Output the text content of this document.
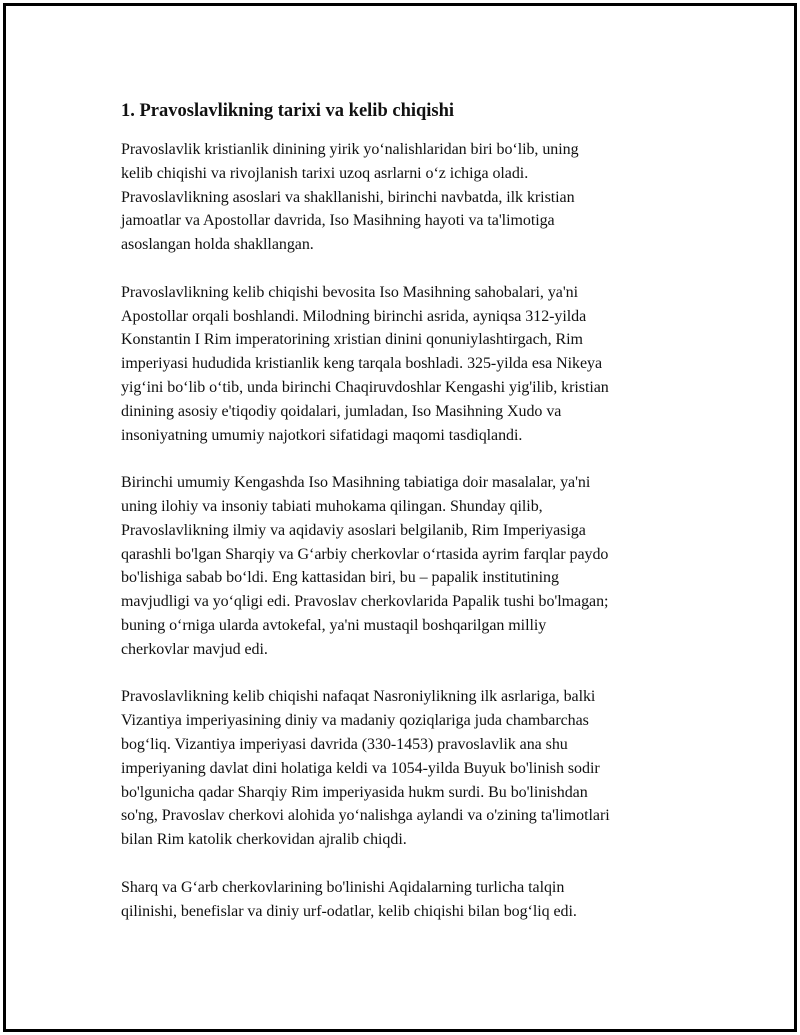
1. Pravoslavlikning tarixi va kelib chiqishi
Pravoslavlik kristianlik dinining yirik yo‘nalishlaridan biri bo‘lib, uning
kelib chiqishi va rivojlanish tarixi uzoq asrlarni o‘z ichiga oladi.
Pravoslavlikning asoslari va shakllanishi, birinchi navbatda, ilk kristian
jamoatlar va Apostollar davrida, Iso Masihning hayoti va ta'limotiga
asoslangan holda shakllangan.
Pravoslavlikning kelib chiqishi bevosita Iso Masihning sahobalari, ya'ni
Apostollar orqali boshlandi. Milodning birinchi asrida, ayniqsa 312-yilda
Konstantin I Rim imperatorining xristian dinini qonuniylashtirgach, Rim
imperiyasi hududida kristianlik keng tarqala boshladi. 325-yilda esa Nikeya
yig‘ini bo‘lib o‘tib, unda birinchi Chaqiruvdoshlar Kengashi yig'ilib, kristian
dinining asosiy e'tiqodiy qoidalari, jumladan, Iso Masihning Xudo va
insoniyatning umumiy najotkori sifatidagi maqomi tasdiqlandi.
Birinchi umumiy Kengashda Iso Masihning tabiatiga doir masalalar, ya'ni
uning ilohiy va insoniy tabiati muhokama qilingan. Shunday qilib,
Pravoslavlikning ilmiy va aqidaviy asoslari belgilanib, Rim Imperiyasiga
qarashli bo'lgan Sharqiy va G‘arbiy cherkovlar o‘rtasida ayrim farqlar paydo
bo'lishiga sabab bo‘ldi. Eng kattasidan biri, bu – papalik institutining
mavjudligi va yo‘qligi edi. Pravoslav cherkovlarida Papalik tushi bo'lmagan;
buning o‘rniga ularda avtokefal, ya'ni mustaqil boshqarilgan milliy
cherkovlar mavjud edi.
Pravoslavlikning kelib chiqishi nafaqat Nasroniylikning ilk asrlariga, balki
Vizantiya imperiyasining diniy va madaniy qoziqlariga juda chambarchas
bog‘liq. Vizantiya imperiyasi davrida (330-1453) pravoslavlik ana shu
imperiyaning davlat dini holatiga keldi va 1054-yilda Buyuk bo'linish sodir
bo'lgunicha qadar Sharqiy Rim imperiyasida hukm surdi. Bu bo'linishdan
so'ng, Pravoslav cherkovi alohida yo‘nalishga aylandi va o'zining ta'limotlari
bilan Rim katolik cherkovidan ajralib chiqdi.
Sharq va G‘arb cherkovlarining bo'linishi Aqidalarning turlicha talqin
qilinishi, benefislar va diniy urf-odatlar, kelib chiqishi bilan bog‘liq edi.
